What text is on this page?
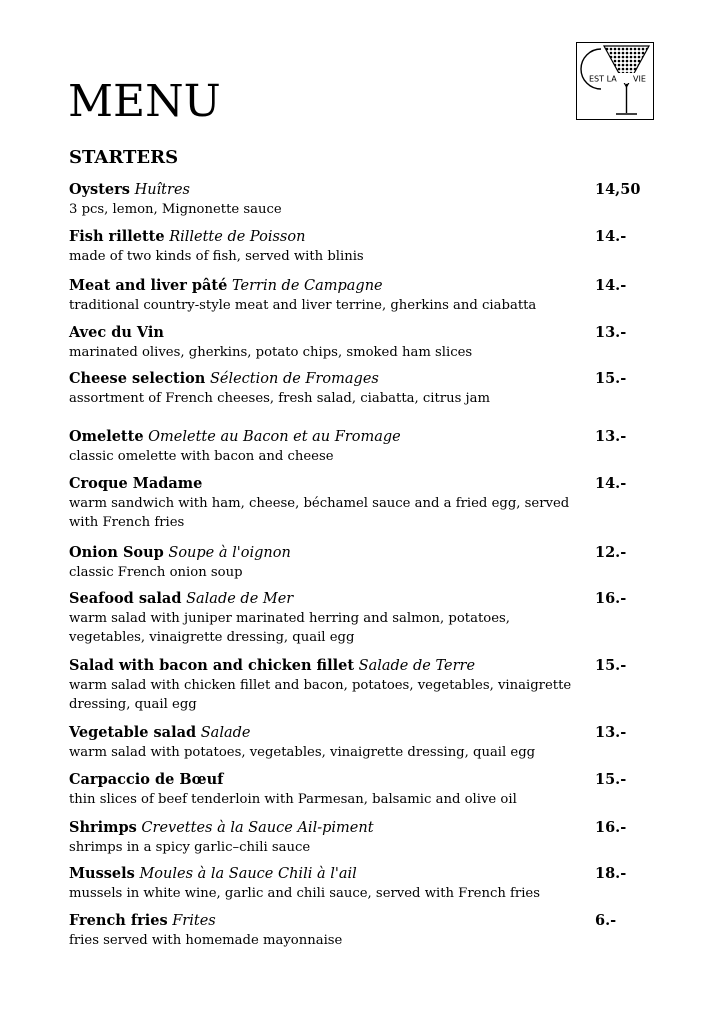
EST LA VIE
C
MENU
STARTERS
Oysters Huîtres	14,50
3 pcs, lemon, Mignonette sauce
Fish rillette Rillette de Poisson	14.-
made of two kinds of fish, served with blinis
Meat and liver pâté Terrin de Campagne	14.-
traditional country-style meat and liver terrine, gherkins and ciabatta
Avec du Vin	13.-
marinated olives, gherkins, potato chips, smoked ham slices
Cheese selection Sélection de Fromages	15.-
assortment of French cheeses, fresh salad, ciabatta, citrus jam
Omelette Omelette au Bacon et au Fromage	13.-
classic omelette with bacon and cheese
Croque Madame	14.-
warm sandwich with ham, cheese, béchamel sauce and a fried egg, served with French fries
Onion Soup Soupe à l'oignon	12.-
classic French onion soup
Seafood salad Salade de Mer	16.-
warm salad with juniper marinated herring and salmon, potatoes, vegetables, vinaigrette dressing, quail egg
Salad with bacon and chicken fillet Salade de Terre	15.-
warm salad with chicken fillet and bacon, potatoes, vegetables, vinaigrette dressing, quail egg
Vegetable salad Salade	13.-
warm salad with potatoes, vegetables, vinaigrette dressing, quail egg
Carpaccio de Bœuf	15.-
thin slices of beef tenderloin with Parmesan, balsamic and olive oil
Shrimps Crevettes à la Sauce Ail-piment	16.-
shrimps in a spicy garlic–chili sauce
Mussels Moules à la Sauce Chili à l'ail	18.-
mussels in white wine, garlic and chili sauce, served with French fries
French fries Frites	6.-
fries served with homemade mayonnaise
